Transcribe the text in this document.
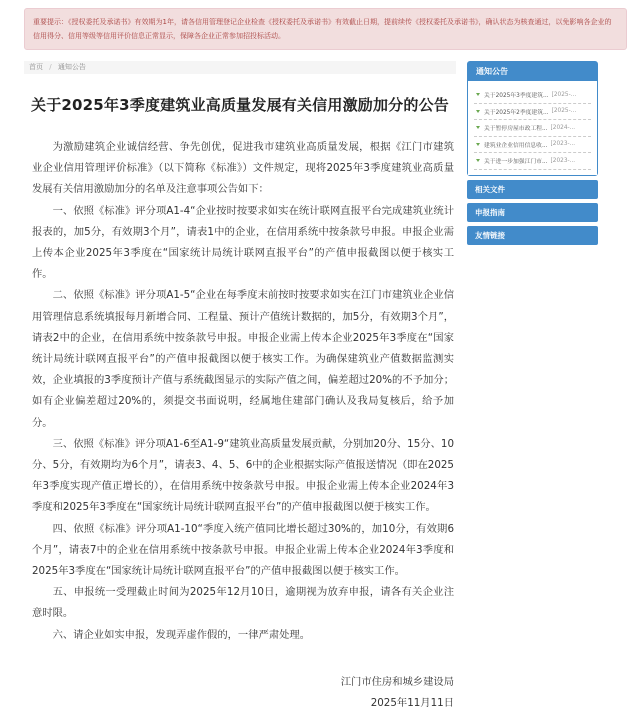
重要提示：《授权委托及承诺书》有效期为1年，请各信用管理登记企业检查《授权委托及承诺书》有效截止日期，提前续传《授权委托及承诺书》，确认状态为核查通过，以免影响各企业的信用得分、信用等级等信用评价信息正常显示，保障各企业正常参加招投标活动。
首页 / 通知公告
关于2025年3季度建筑业高质量发展有关信用激励加分的公告

为激励建筑企业诚信经营、争先创优，促进我市建筑业高质量发展，根据《江门市建筑业企业信用管理评价标准》（以下简称《标准》）文件规定，现将2025年3季度建筑业高质量发展有关信用激励加分的名单及注意事项公告如下：

一、依照《标准》评分项A1-4“企业按时按要求如实在统计联网直报平台完成建筑业统计报表的，加5分，有效期3个月”，请表1中的企业，在信用系统中按条款号申报。申报企业需上传本企业2025年3季度在“国家统计局统计联网直报平台”的产值申报截图以便于核实工作。

二、依照《标准》评分项A1-5“企业在每季度末前按时按要求如实在江门市建筑业企业信用管理信息系统填报每月新增合同、工程量、预计产值统计数据的，加5分，有效期3个月”，请表2中的企业，在信用系统中按条款号申报。申报企业需上传本企业2025年3季度在“国家统计局统计联网直报平台”的产值申报截图以便于核实工作。为确保建筑业产值数据监测实效，企业填报的3季度预计产值与系统截图显示的实际产值之间，偏差超过20%的不予加分；如有企业偏差超过20%的，须提交书面说明，经属地住建部门确认及我局复核后，给予加分。

三、依照《标准》评分项A1-6至A1-9“建筑业高质量发展贡献，分别加20分、15分、10分、5分，有效期均为6个月”，请表3、4、5、6中的企业根据实际产值报送情况（即在2025年3季度实现产值正增长的），在信用系统中按条款号申报。申报企业需上传本企业2024年3季度和2025年3季度在“国家统计局统计联网直报平台”的产值申报截图以便于核实工作。

四、依照《标准》评分项A1-10“季度入统产值同比增长超过30%的，加10分，有效期6个月”，请表7中的企业在信用系统中按条款号申报。申报企业需上传本企业2024年3季度和2025年3季度在“国家统计局统计联网直报平台”的产值申报截图以便于核实工作。

五、申报统一受理截止时间为2025年12月10日，逾期视为放弃申报，请各有关企业注意时限。

六、请企业如实申报，发现弄虚作假的，一律严肃处理。

江门市住房和城乡建设局
2025年11月11日
通知公告
关于2025年3季度建筑... [2025-...
关于2025年2季度建筑... [2025-...
关于暂停房屋市政工程... [2024-...
建筑业企业信用信息收... [2023-...
关于进一步加强江门市... [2023-...
相关文件
申报指南
友情链接
